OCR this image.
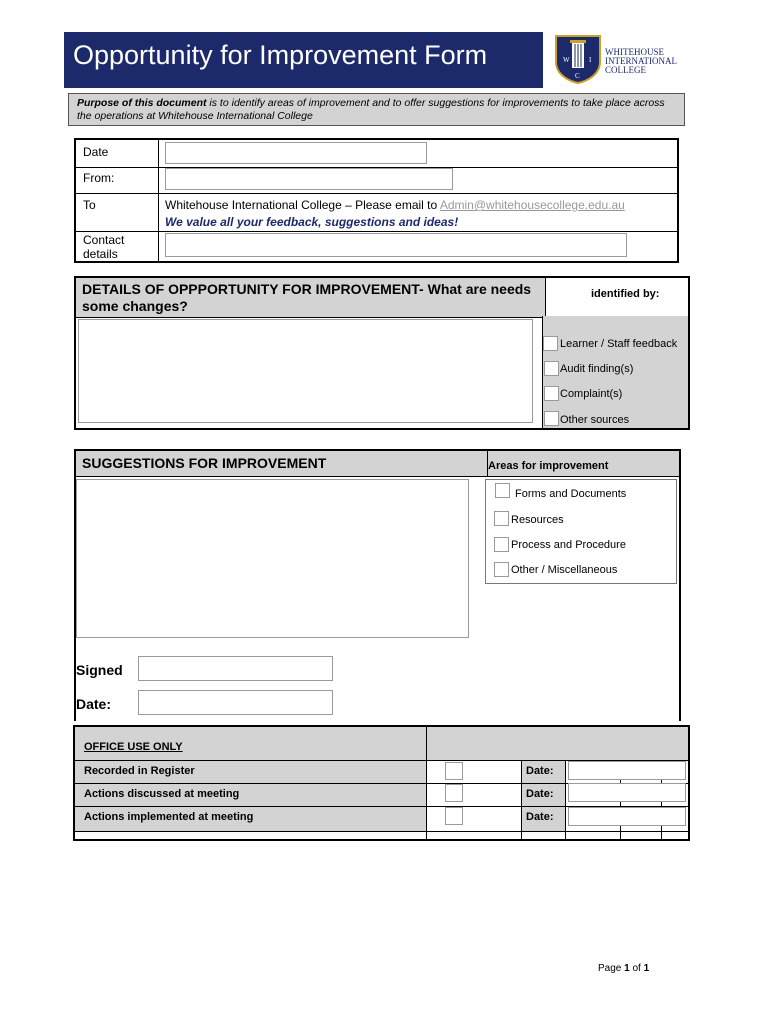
Opportunity for Improvement Form	W	I
C
WHITEHOUSE
INTERNATIONAL
COLLEGE
Purpose of this document is to identify areas of improvement and to offer suggestions for improvements to take place across the operations at Whitehouse International College
Date
From:
To	Whitehouse International College – Please email to Admin@whitehousecollege.edu.au
We value all your feedback, suggestions and ideas!
Contact
details
DETAILS OF OPPPORTUNITY FOR IMPROVEMENT- What are needs some changes?
identified by:
Learner / Staff feedback
Audit finding(s)
Complaint(s)
Other sources
SUGGESTIONS FOR IMPROVEMENT	Areas for improvement
Forms and Documents
Resources
Process and Procedure
Other / Miscellaneous
Signed
Date:
OFFICE USE ONLY
Recorded in Register	Date:
Actions discussed at meeting	Date:
Actions implemented at meeting	Date:
Page 1 of 1
